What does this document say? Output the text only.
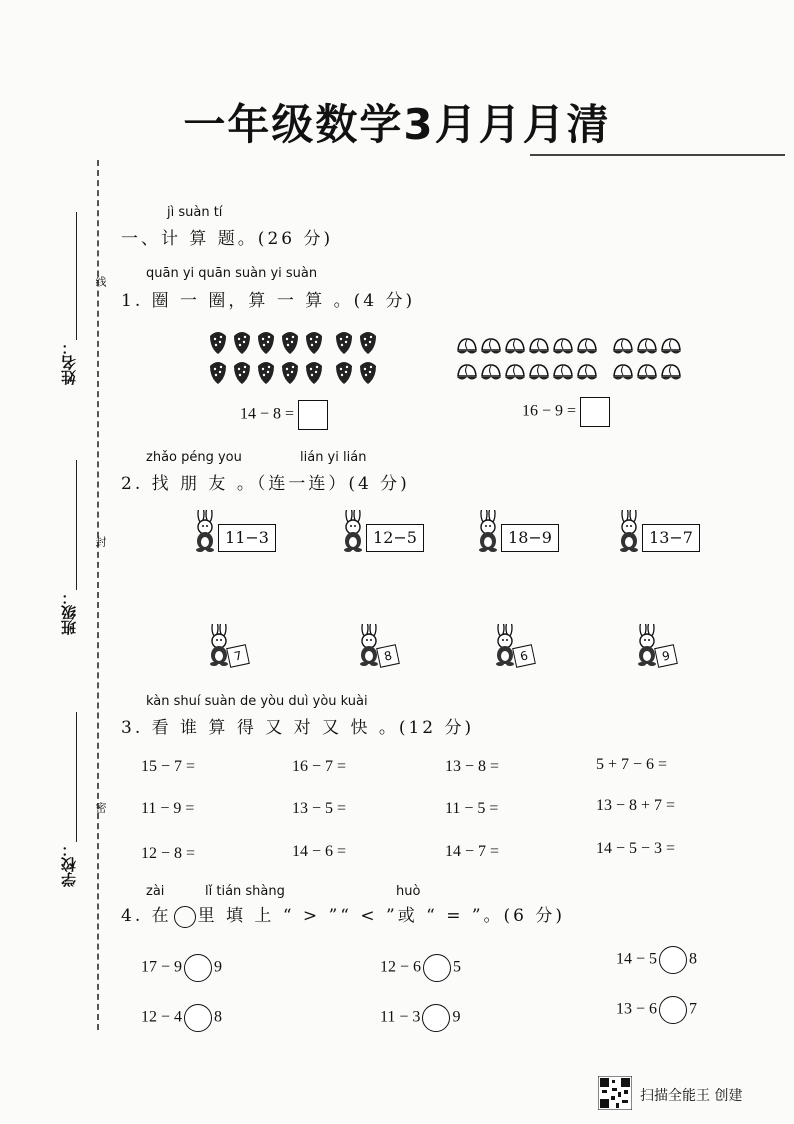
一年级数学3月月月清
姓名：
班级：
学校：
线
封
密
jì suàn tí
一、计 算 题。(26 分)
quān yi quān suàn yi suàn
1. 圈 一 圈，算 一 算 。(4 分)
14 − 8 =	16 − 9 =
zhǎo péng you	lián yi lián
2. 找 朋 友 。（连一连）(4 分)
11−3	12−5	18−9	13−7
7	8	6	9
kàn shuí suàn de yòu duì yòu kuài
3. 看 谁 算 得 又 对 又 快 。(12 分)
15 − 7 =	16 − 7 =	13 − 8 =	5 + 7 − 6 =
11 − 9 =	13 − 5 =	11 − 5 =	13 − 8 + 7 =
12 − 8 =	14 − 6 =	14 − 7 =	14 − 5 − 3 =
zài	lǐ tián shàng	huò
4. 在 里 填 上 “ > ”“ < ”或 “ = ”。(6 分)
17 − 9 9	12 − 6 5	14 − 5 8
12 − 4 8	11 − 3 9	13 − 6 7
扫描全能王 创建
